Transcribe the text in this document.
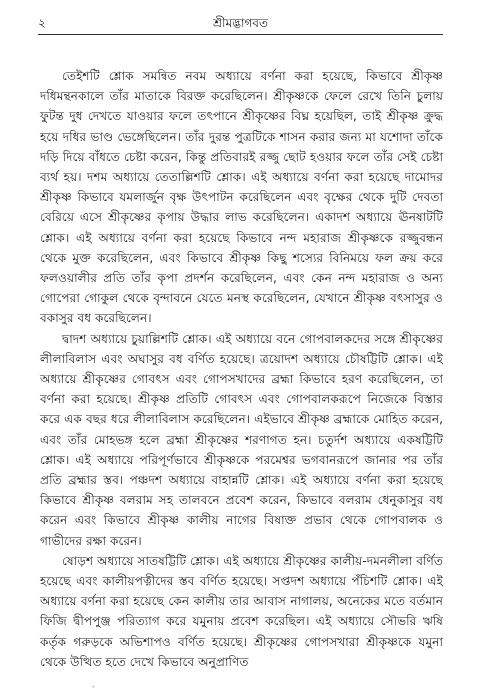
২	শ্রীমদ্ভাগবত

তেইশটি শ্লোক সমন্বিত নবম অধ্যায়ে বর্ণনা করা হয়েছে, কিভাবে শ্রীকৃষ্ণ দধিমন্থনকালে তাঁর মাতাকে বিরক্ত করেছিলেন। শ্রীকৃষ্ণকে ফেলে রেখে তিনি চুলায় ফুটন্ত দুধ দেখতে যাওয়ার ফলে তৎপানে শ্রীকৃষ্ণের বিঘ্ন হয়েছিল, তাই শ্রীকৃষ্ণ ক্রুদ্ধ হয়ে দধির ভাণ্ড ভেঙ্গেছিলেন। তাঁর দুরন্ত পুত্রটিকে শাসন করার জন্য মা যশোদা তাঁকে দড়ি দিয়ে বাঁধতে চেষ্টা করেন, কিন্তু প্রতিবারই রজ্জু ছোট হওয়ার ফলে তাঁর সেই চেষ্টা ব্যর্থ হয়। দশম অধ্যায়ে তেতাল্লিশটি শ্লোক। এই অধ্যায়ে বর্ণনা করা হয়েছে দামোদর শ্রীকৃষ্ণ কিভাবে যমলার্জুন বৃক্ষ উৎপাটন করেছিলেন এবং বৃক্ষের থেকে দুটি দেবতা বেরিয়ে এসে শ্রীকৃষ্ণের কৃপায় উদ্ধার লাভ করেছিলেন। একাদশ অধ্যায়ে ঊনষাটটি শ্লোক। এই অধ্যায়ে বর্ণনা করা হয়েছে কিভাবে নন্দ মহারাজ শ্রীকৃষ্ণকে রজ্জুবন্ধন থেকে মুক্ত করেছিলেন, এবং কিভাবে শ্রীকৃষ্ণ কিছু শস্যের বিনিময়ে ফল ক্রয় করে ফলওয়ালীর প্রতি তাঁর কৃপা প্রদর্শন করেছিলেন, এবং কেন নন্দ মহারাজ ও অন্য গোপেরা গোকুল থেকে বৃন্দাবনে যেতে মনস্থ করেছিলেন, যেখানে শ্রীকৃষ্ণ বৎসাসুর ও বকাসুর বধ করেছিলেন।

দ্বাদশ অধ্যায়ে চুয়াল্লিশটি শ্লোক। এই অধ্যায়ে বনে গোপবালকদের সঙ্গে শ্রীকৃষ্ণের লীলাবিলাস এবং অঘাসুর বধ বর্ণিত হয়েছে। ত্রয়োদশ অধ্যায়ে চৌষট্টিটি শ্লোক। এই অধ্যায়ে শ্রীকৃষ্ণের গোবৎস এবং গোপসখাদের ব্রহ্মা কিভাবে হরণ করেছিলেন, তা বর্ণনা করা হয়েছে। শ্রীকৃষ্ণ প্রতিটি গোবৎস এবং গোপবালকরূপে নিজেকে বিস্তার করে এক বছর ধরে লীলাবিলাস করেছিলেন। এইভাবে শ্রীকৃষ্ণ ব্রহ্মাকে মোহিত করেন, এবং তাঁর মোহভঙ্গ হলে ব্রহ্মা শ্রীকৃষ্ণের শরণাগত হন। চতুর্দশ অধ্যায়ে একষট্টিটি শ্লোক। এই অধ্যায়ে পরিপূর্ণভাবে শ্রীকৃষ্ণকে পরমেশ্বর ভগবানরূপে জানার পর তাঁর প্রতি ব্রহ্মার স্তব। পঞ্চদশ অধ্যায়ে বাহান্নটি শ্লোক। এই অধ্যায়ে বর্ণনা করা হয়েছে কিভাবে শ্রীকৃষ্ণ বলরাম সহ তালবনে প্রবেশ করেন, কিভাবে বলরাম ধেনুকাসুর বধ করেন এবং কিভাবে শ্রীকৃষ্ণ কালীয় নাগের বিষাক্ত প্রভাব থেকে গোপবালক ও গাভীদের রক্ষা করেন।

ষোড়শ অধ্যায়ে সাতষট্টিটি শ্লোক। এই অধ্যায়ে শ্রীকৃষ্ণের কালীয়-দমনলীলা বর্ণিত হয়েছে এবং কালীয়পত্নীদের স্তব বর্ণিত হয়েছে। সপ্তদশ অধ্যায়ে পঁচিশটি শ্লোক। এই অধ্যায়ে বর্ণনা করা হয়েছে কেন কালীয় তার আবাস নাগালয়, অনেকের মতে বর্তমান ফিজি দ্বীপপুঞ্জ পরিত্যাগ করে যমুনায় প্রবেশ করেছিল। এই অধ্যায়ে সৌভরি ঋষি কর্তৃক গরুড়কে অভিশাপও বর্ণিত হয়েছে। শ্রীকৃষ্ণের গোপসখারা শ্রীকৃষ্ণকে যমুনা থেকে উত্থিত হতে দেখে কিভাবে অনুপ্রাণিত

ᵛ
